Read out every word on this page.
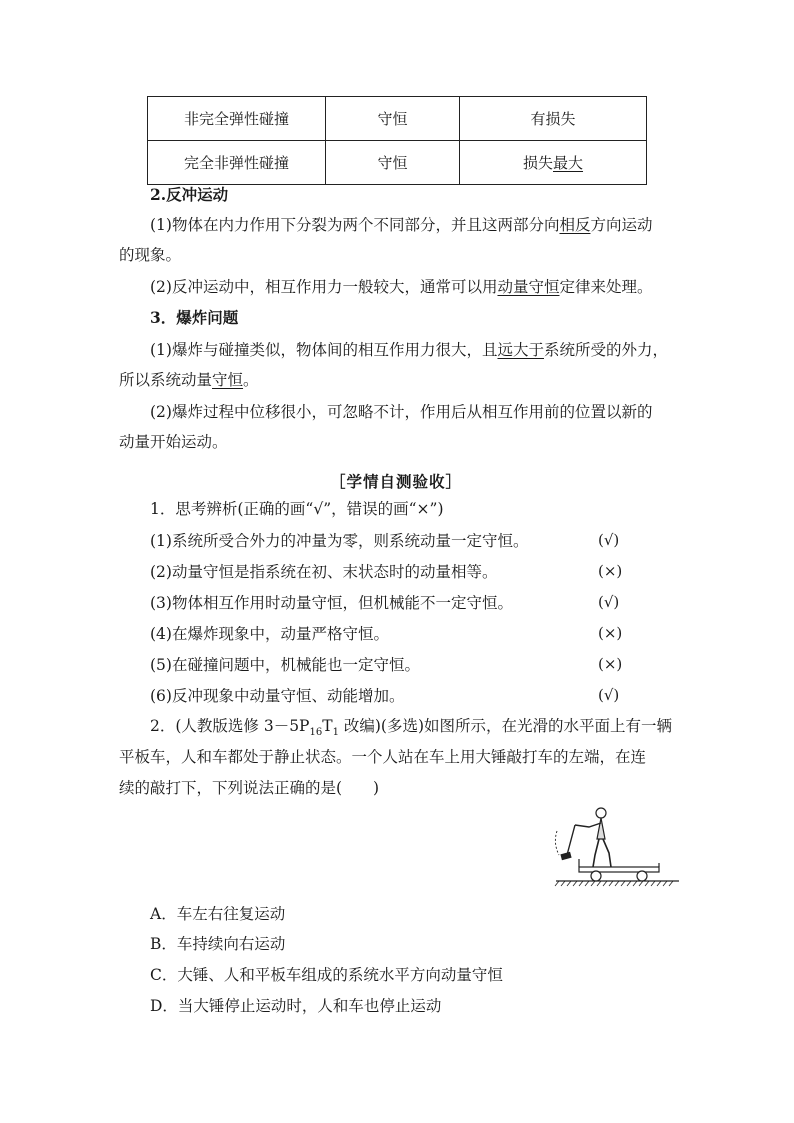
非完全弹性碰撞	守恒	有损失
完全非弹性碰撞	守恒	损失最大
2.反冲运动
(1)物体在内力作用下分裂为两个不同部分，并且这两部分向相反方向运动
的现象。
(2)反冲运动中，相互作用力一般较大，通常可以用动量守恒定律来处理。
3．爆炸问题
(1)爆炸与碰撞类似，物体间的相互作用力很大，且远大于系统所受的外力，
所以系统动量守恒。
(2)爆炸过程中位移很小，可忽略不计，作用后从相互作用前的位置以新的
动量开始运动。
［学情自测验收］
1．思考辨析(正确的画“√”，错误的画“×”)
(1)系统所受合外力的冲量为零，则系统动量一定守恒。	(√)
(2)动量守恒是指系统在初、末状态时的动量相等。	(×)
(3)物体相互作用时动量守恒，但机械能不一定守恒。	(√)
(4)在爆炸现象中，动量严格守恒。	(×)
(5)在碰撞问题中，机械能也一定守恒。	(×)
(6)反冲现象中动量守恒、动能增加。	(√)
2．(人教版选修 $3-5P_{16}T_1$ 改编)(多选)如图所示，在光滑的水平面上有一辆
平板车，人和车都处于静止状态。一个人站在车上用大锤敲打车的左端，在连
续的敲打下，下列说法正确的是(　　)
A．车左右往复运动
B．车持续向右运动
C．大锤、人和平板车组成的系统水平方向动量守恒
D．当大锤停止运动时，人和车也停止运动
